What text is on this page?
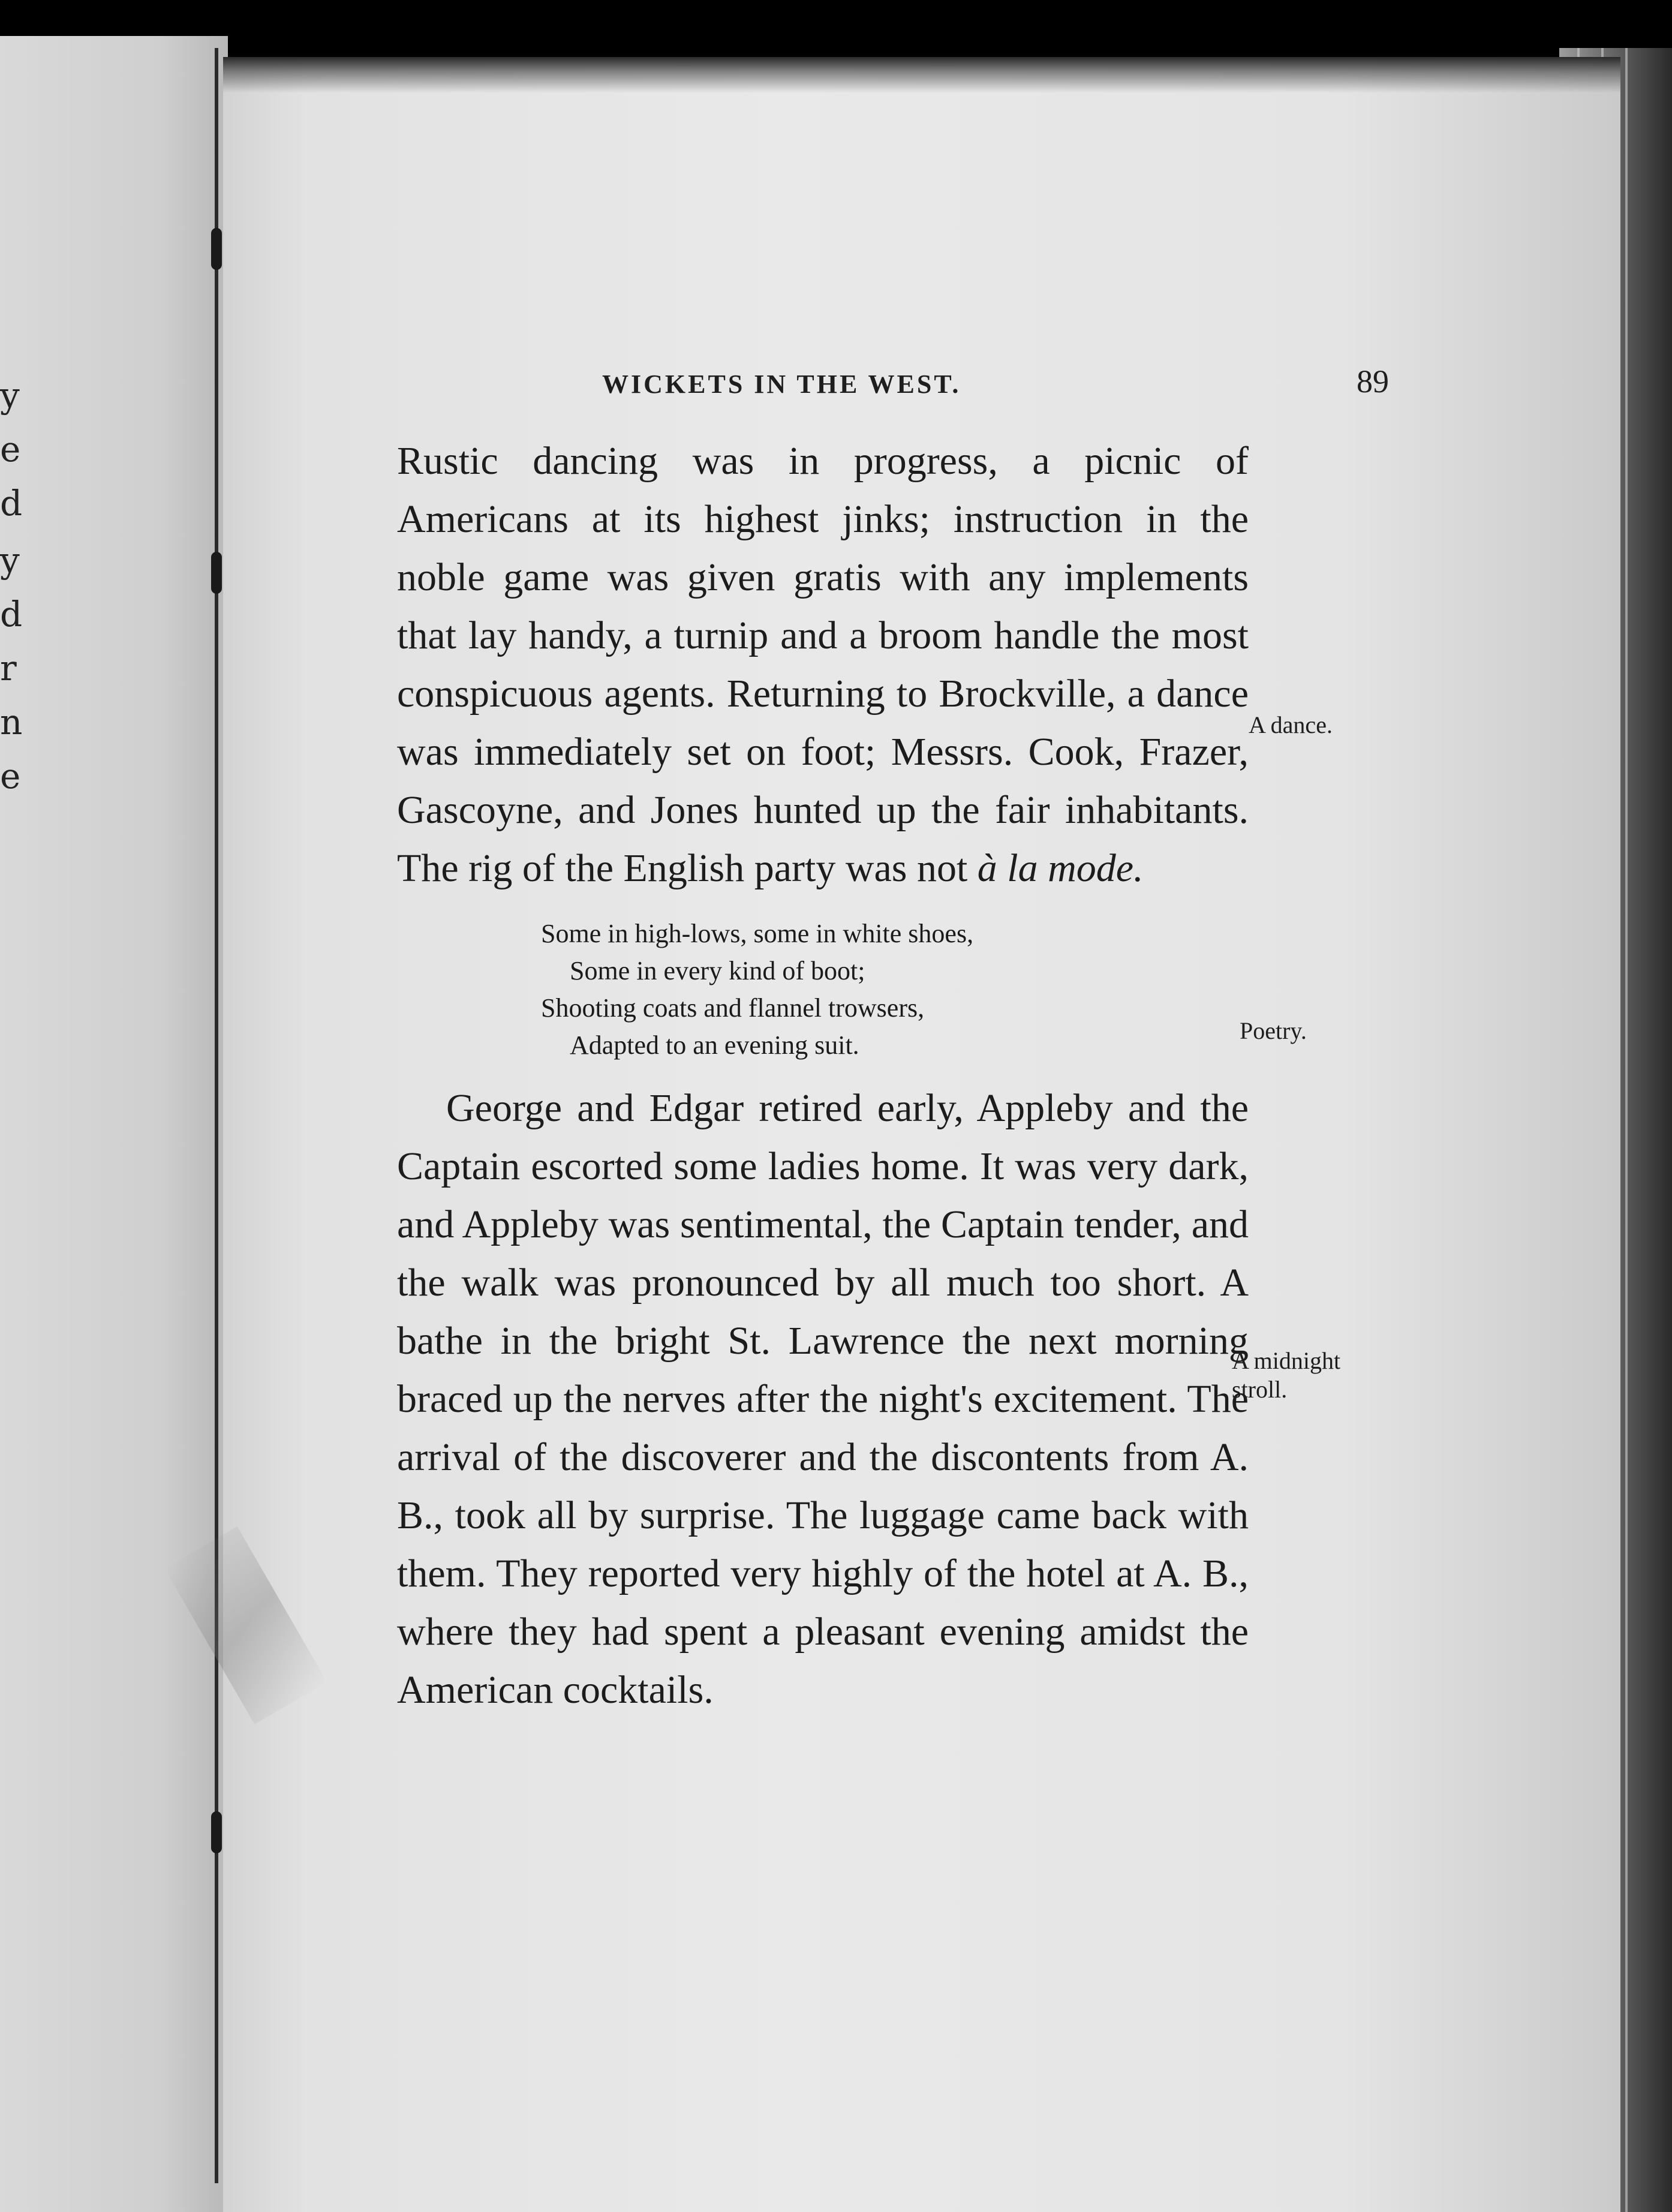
y
e
d
y
d
r
n
e
WICKETS IN THE WEST.	89

Rustic dancing was in progress, a picnic of Americans at its highest jinks; instruction in the noble game was given gratis with any implements that lay handy, a turnip and a broom handle the most conspicuous agents. Returning to Brockville, a dance was immediately set on foot; Messrs. Cook, Frazer, Gascoyne, and Jones hunted up the fair inhabitants. The rig of the English party was not à la mode.

Some in high-lows, some in white shoes,
Some in every kind of boot;
Shooting coats and flannel trowsers,
Adapted to an evening suit.

George and Edgar retired early, Appleby and the Captain escorted some ladies home. It was very dark, and Appleby was sentimental, the Captain tender, and the walk was pronounced by all much too short. A bathe in the bright St. Lawrence the next morning braced up the nerves after the night's excitement. The arrival of the discoverer and the discontents from A. B., took all by surprise. The luggage came back with them. They reported very highly of the hotel at A. B., where they had spent a pleasant evening amidst the American cocktails.

A dance.
Poetry.
A midnight
stroll.
